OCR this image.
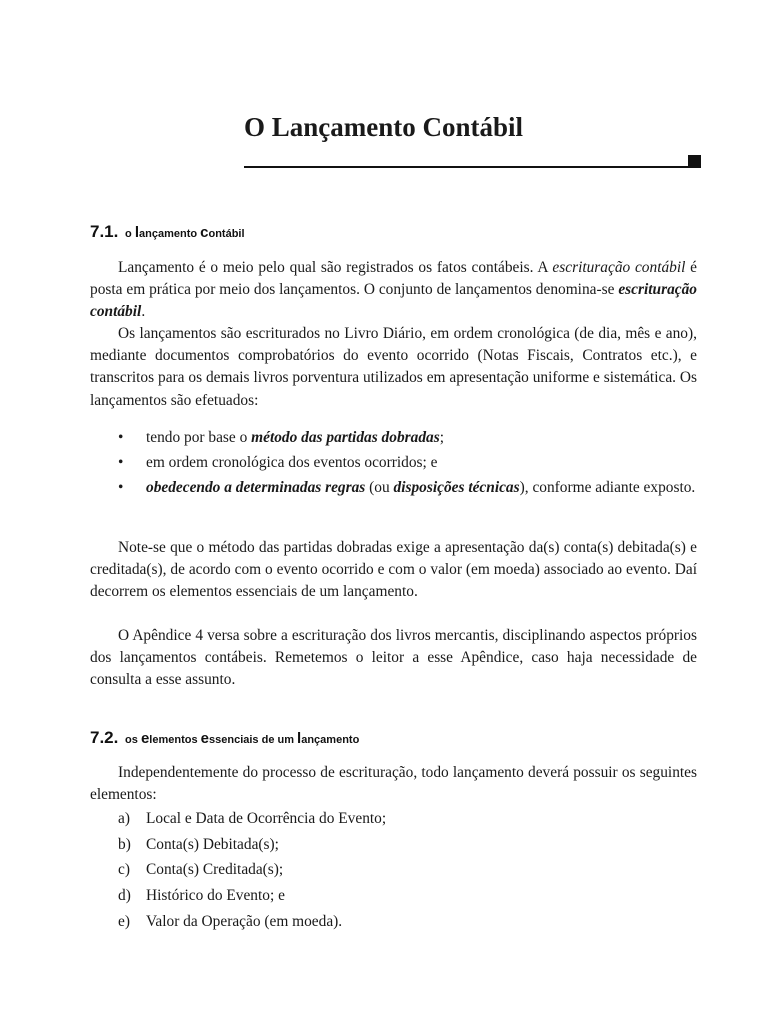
O Lançamento Contábil
7.1. o lançamento contábil

Lançamento é o meio pelo qual são registrados os fatos contábeis. A escrituração contábil é posta em prática por meio dos lançamentos. O conjunto de lançamentos denomina-se escrituração contábil.

Os lançamentos são escriturados no Livro Diário, em ordem cronológica (de dia, mês e ano), mediante documentos comprobatórios do evento ocorrido (Notas Fiscais, Contratos etc.), e transcritos para os demais livros porventura utilizados em apresentação uniforme e sistemática. Os lançamentos são efetuados:

• tendo por base o método das partidas dobradas;
• em ordem cronológica dos eventos ocorridos; e
• obedecendo a determinadas regras (ou disposições técnicas), conforme adiante exposto.

Note-se que o método das partidas dobradas exige a apresentação da(s) conta(s) debitada(s) e creditada(s), de acordo com o evento ocorrido e com o valor (em moeda) associado ao evento. Daí decorrem os elementos essenciais de um lançamento.

O Apêndice 4 versa sobre a escrituração dos livros mercantis, disciplinando aspectos próprios dos lançamentos contábeis. Remetemos o leitor a esse Apêndice, caso haja necessidade de consulta a esse assunto.

7.2. os elementos essenciais de um lançamento

Independentemente do processo de escrituração, todo lançamento deverá possuir os seguintes elementos:

a) Local e Data de Ocorrência do Evento;
b) Conta(s) Debitada(s);
c) Conta(s) Creditada(s);
d) Histórico do Evento; e
e) Valor da Operação (em moeda).
